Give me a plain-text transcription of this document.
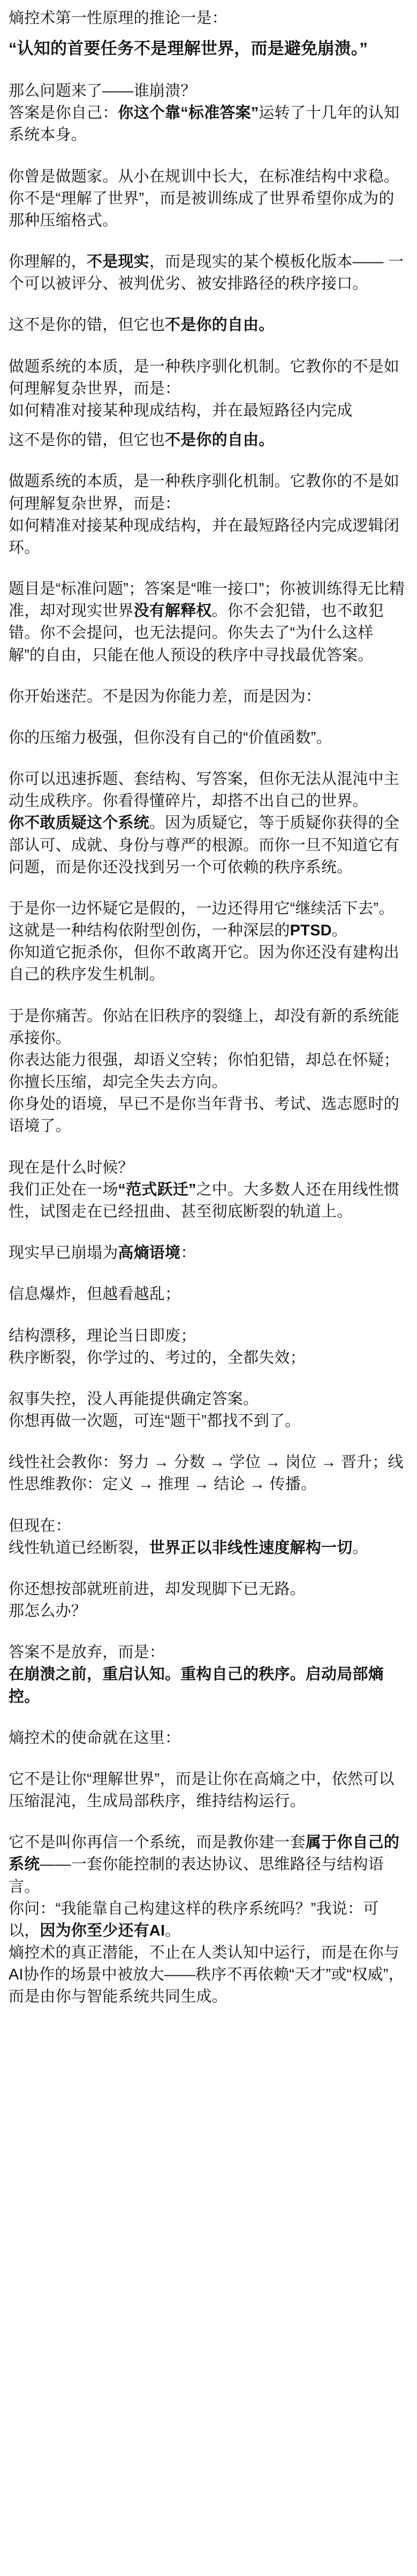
熵控术第一性原理的推论一是：
“认知的首要任务不是理解世界，而是避免崩溃。”
那么问题来了——谁崩溃？
答案是你自己：你这个靠“标准答案”运转了十几年的认知系统本身。
你曾是做题家。从小在规训中长大，在标准结构中求稳。你不是“理解了世界”，而是被训练成了世界希望你成为的那种压缩格式。
你理解的，不是现实，而是现实的某个模板化版本—— 一个可以被评分、被判优劣、被安排路径的秩序接口。
这不是你的错，但它也不是你的自由。
做题系统的本质，是一种秩序驯化机制。它教你的不是如何理解复杂世界，而是：
如何精准对接某种现成结构，并在最短路径内完成
这不是你的错，但它也不是你的自由。
做题系统的本质，是一种秩序驯化机制。它教你的不是如何理解复杂世界，而是：
如何精准对接某种现成结构，并在最短路径内完成逻辑闭环。
题目是“标准问题”；答案是“唯一接口”；你被训练得无比精准，却对现实世界没有解释权。你不会犯错，也不敢犯错。你不会提问，也无法提问。你失去了“为什么这样解”的自由，只能在他人预设的秩序中寻找最优答案。
你开始迷茫。不是因为你能力差，而是因为：
你的压缩力极强，但你没有自己的“价值函数”。
你可以迅速拆题、套结构、写答案，但你无法从混沌中主动生成秩序。你看得懂碎片，却搭不出自己的世界。
你不敢质疑这个系统。因为质疑它，等于质疑你获得的全部认可、成就、身份与尊严的根源。而你一旦不知道它有问题，而是你还没找到另一个可依赖的秩序系统。
于是你一边怀疑它是假的，一边还得用它“继续活下去”。这就是一种结构依附型创伤，一种深层的PTSD。
你知道它扼杀你，但你不敢离开它。因为你还没有建构出自己的秩序发生机制。
于是你痛苦。你站在旧秩序的裂缝上，却没有新的系统能承接你。
你表达能力很强，却语义空转；你怕犯错，却总在怀疑；你擅长压缩，却完全失去方向。
你身处的语境，早已不是你当年背书、考试、选志愿时的语境了。
现在是什么时候？
我们正处在一场“范式跃迁”之中。大多数人还在用线性惯性，试图走在已经扭曲、甚至彻底断裂的轨道上。
现实早已崩塌为高熵语境：
信息爆炸，但越看越乱；
结构漂移，理论当日即废；
秩序断裂，你学过的、考过的，全都失效；
叙事失控，没人再能提供确定答案。
你想再做一次题，可连“题干”都找不到了。
线性社会教你：努力 → 分数 → 学位 → 岗位 → 晋升；线性思维教你：定义 → 推理 → 结论 → 传播。
但现在：
线性轨道已经断裂，世界正以非线性速度解构一切。
你还想按部就班前进，却发现脚下已无路。
那怎么办？
答案不是放弃，而是：
在崩溃之前，重启认知。重构自己的秩序。启动局部熵控。
熵控术的使命就在这里：
它不是让你“理解世界”，而是让你在高熵之中，依然可以压缩混沌，生成局部秩序，维持结构运行。
它不是叫你再信一个系统，而是教你建一套属于你自己的系统——一套你能控制的表达协议、思维路径与结构语言。
你问：“我能靠自己构建这样的秩序系统吗？”我说：可以，因为你至少还有AI。
熵控术的真正潜能，不止在人类认知中运行，而是在你与AI协作的场景中被放大——秩序不再依赖“天才”或“权威”，而是由你与智能系统共同生成。
